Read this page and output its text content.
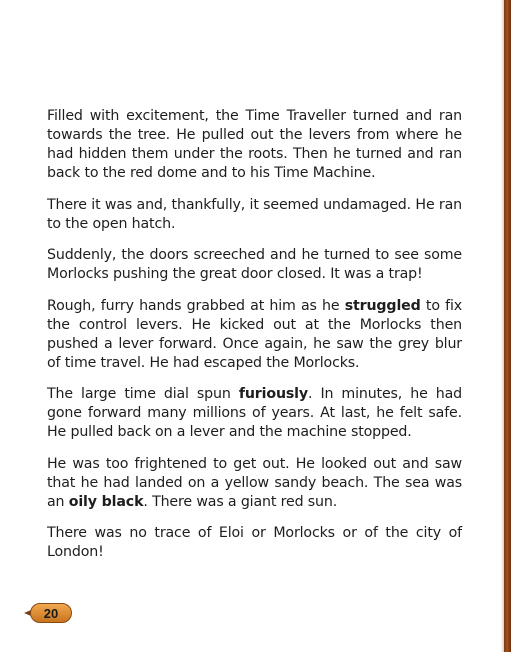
Filled with excitement, the Time Traveller turned and ran towards the tree. He pulled out the levers from where he had hidden them under the roots. Then he turned and ran back to the red dome and to his Time Machine.

There it was and, thankfully, it seemed undamaged. He ran to the open hatch.

Suddenly, the doors screeched and he turned to see some Morlocks pushing the great door closed. It was a trap!

Rough, furry hands grabbed at him as he struggled to fix the control levers. He kicked out at the Morlocks then pushed a lever forward. Once again, he saw the grey blur of time travel. He had escaped the Morlocks.

The large time dial spun furiously. In minutes, he had gone forward many millions of years. At last, he felt safe. He pulled back on a lever and the machine stopped.

He was too frightened to get out. He looked out and saw that he had landed on a yellow sandy beach. The sea was an oily black. There was a giant red sun.

There was no trace of Eloi or Morlocks or of the city of London!

20
